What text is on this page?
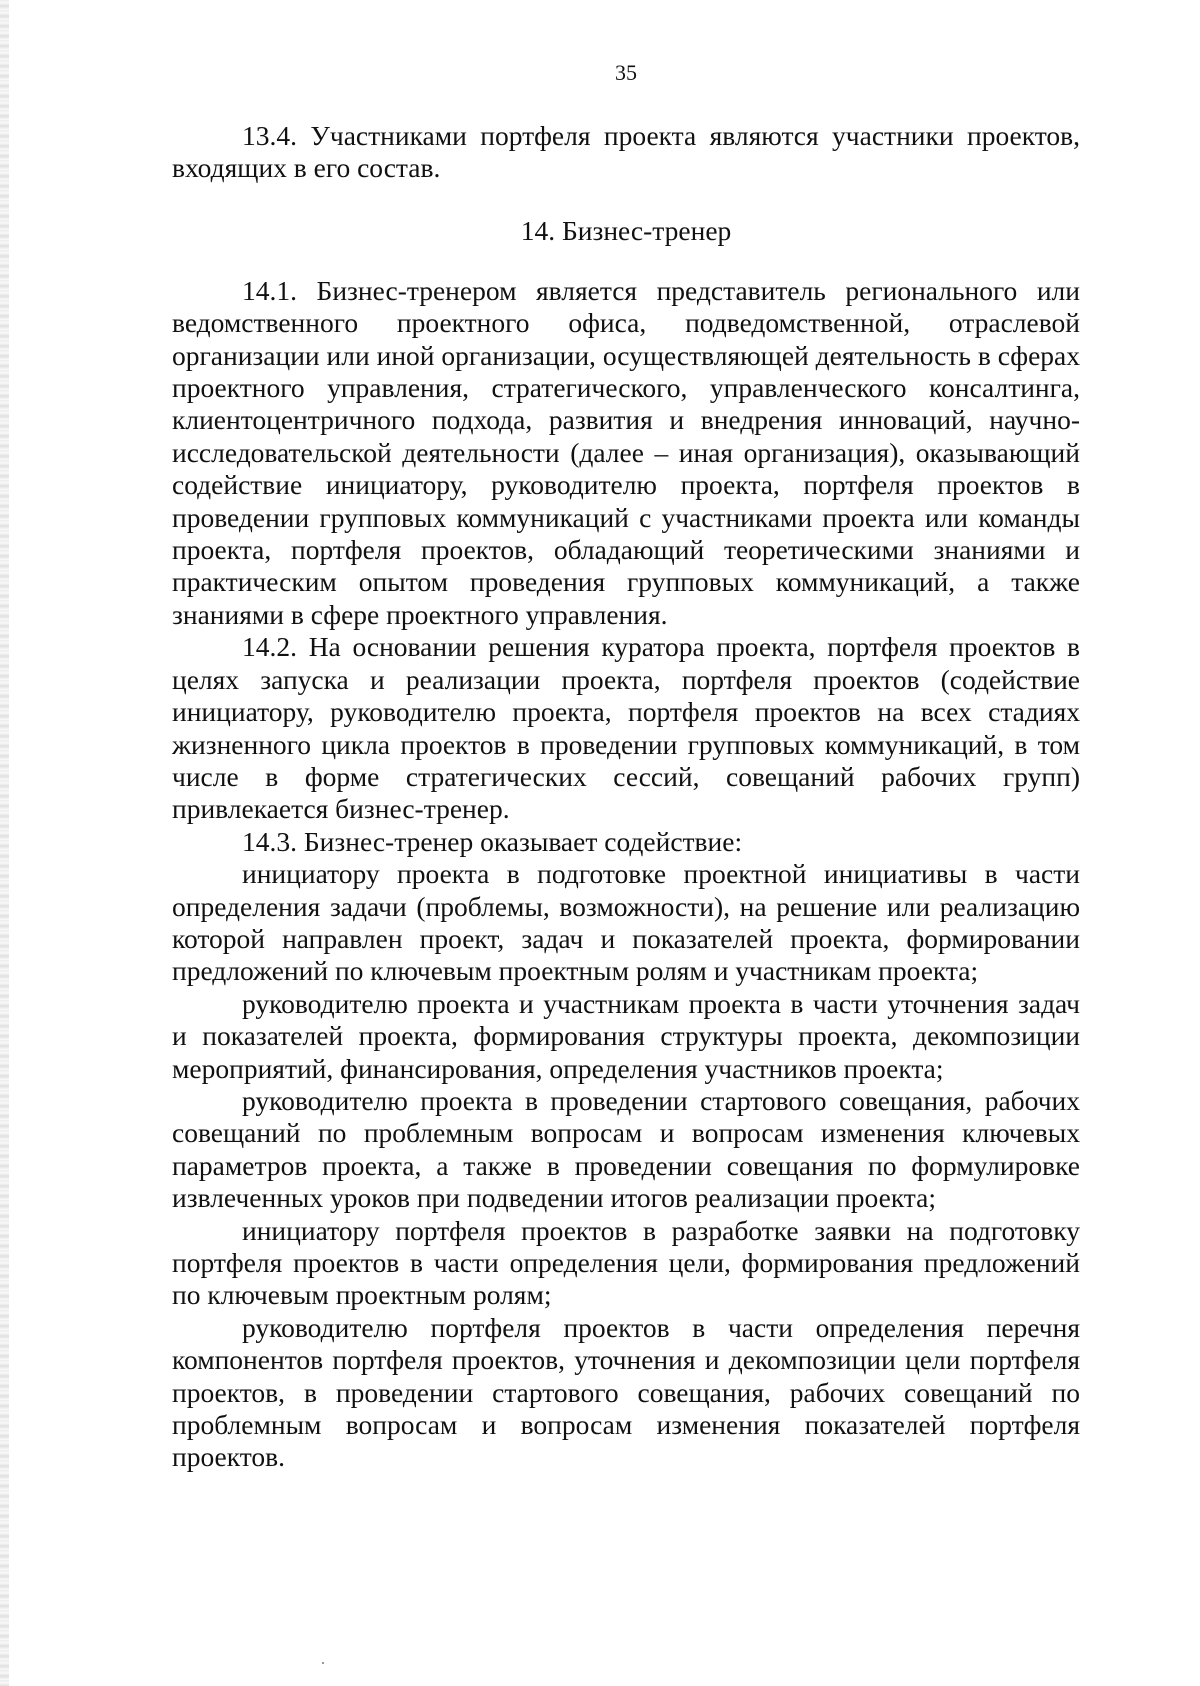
35

13.4. Участниками портфеля проекта являются участники проектов, входящих в его состав.

14. Бизнес-тренер

14.1. Бизнес-тренером является представитель регионального или ведомственного проектного офиса, подведомственной, отраслевой организации или иной организации, осуществляющей деятельность в сферах проектного управления, стратегического, управленческого консалтинга, клиентоцентричного подхода, развития и внедрения инноваций, научно-исследовательской деятельности (далее – иная организация), оказывающий содействие инициатору, руководителю проекта, портфеля проектов в проведении групповых коммуникаций с участниками проекта или команды проекта, портфеля проектов, обладающий теоретическими знаниями и практическим опытом проведения групповых коммуникаций, а также знаниями в сфере проектного управления.

14.2. На основании решения куратора проекта, портфеля проектов в целях запуска и реализации проекта, портфеля проектов (содействие инициатору, руководителю проекта, портфеля проектов на всех стадиях жизненного цикла проектов в проведении групповых коммуникаций, в том числе в форме стратегических сессий, совещаний рабочих групп) привлекается бизнес-тренер.

14.3. Бизнес-тренер оказывает содействие:

инициатору проекта в подготовке проектной инициативы в части определения задачи (проблемы, возможности), на решение или реализацию которой направлен проект, задач и показателей проекта, формировании предложений по ключевым проектным ролям и участникам проекта;

руководителю проекта и участникам проекта в части уточнения задач и показателей проекта, формирования структуры проекта, декомпозиции мероприятий, финансирования, определения участников проекта;

руководителю проекта в проведении стартового совещания, рабочих совещаний по проблемным вопросам и вопросам изменения ключевых параметров проекта, а также в проведении совещания по формулировке извлеченных уроков при подведении итогов реализации проекта;

инициатору портфеля проектов в разработке заявки на подготовку портфеля проектов в части определения цели, формирования предложений по ключевым проектным ролям;

руководителю портфеля проектов в части определения перечня компонентов портфеля проектов, уточнения и декомпозиции цели портфеля проектов, в проведении стартового совещания, рабочих совещаний по проблемным вопросам и вопросам изменения показателей портфеля проектов.
